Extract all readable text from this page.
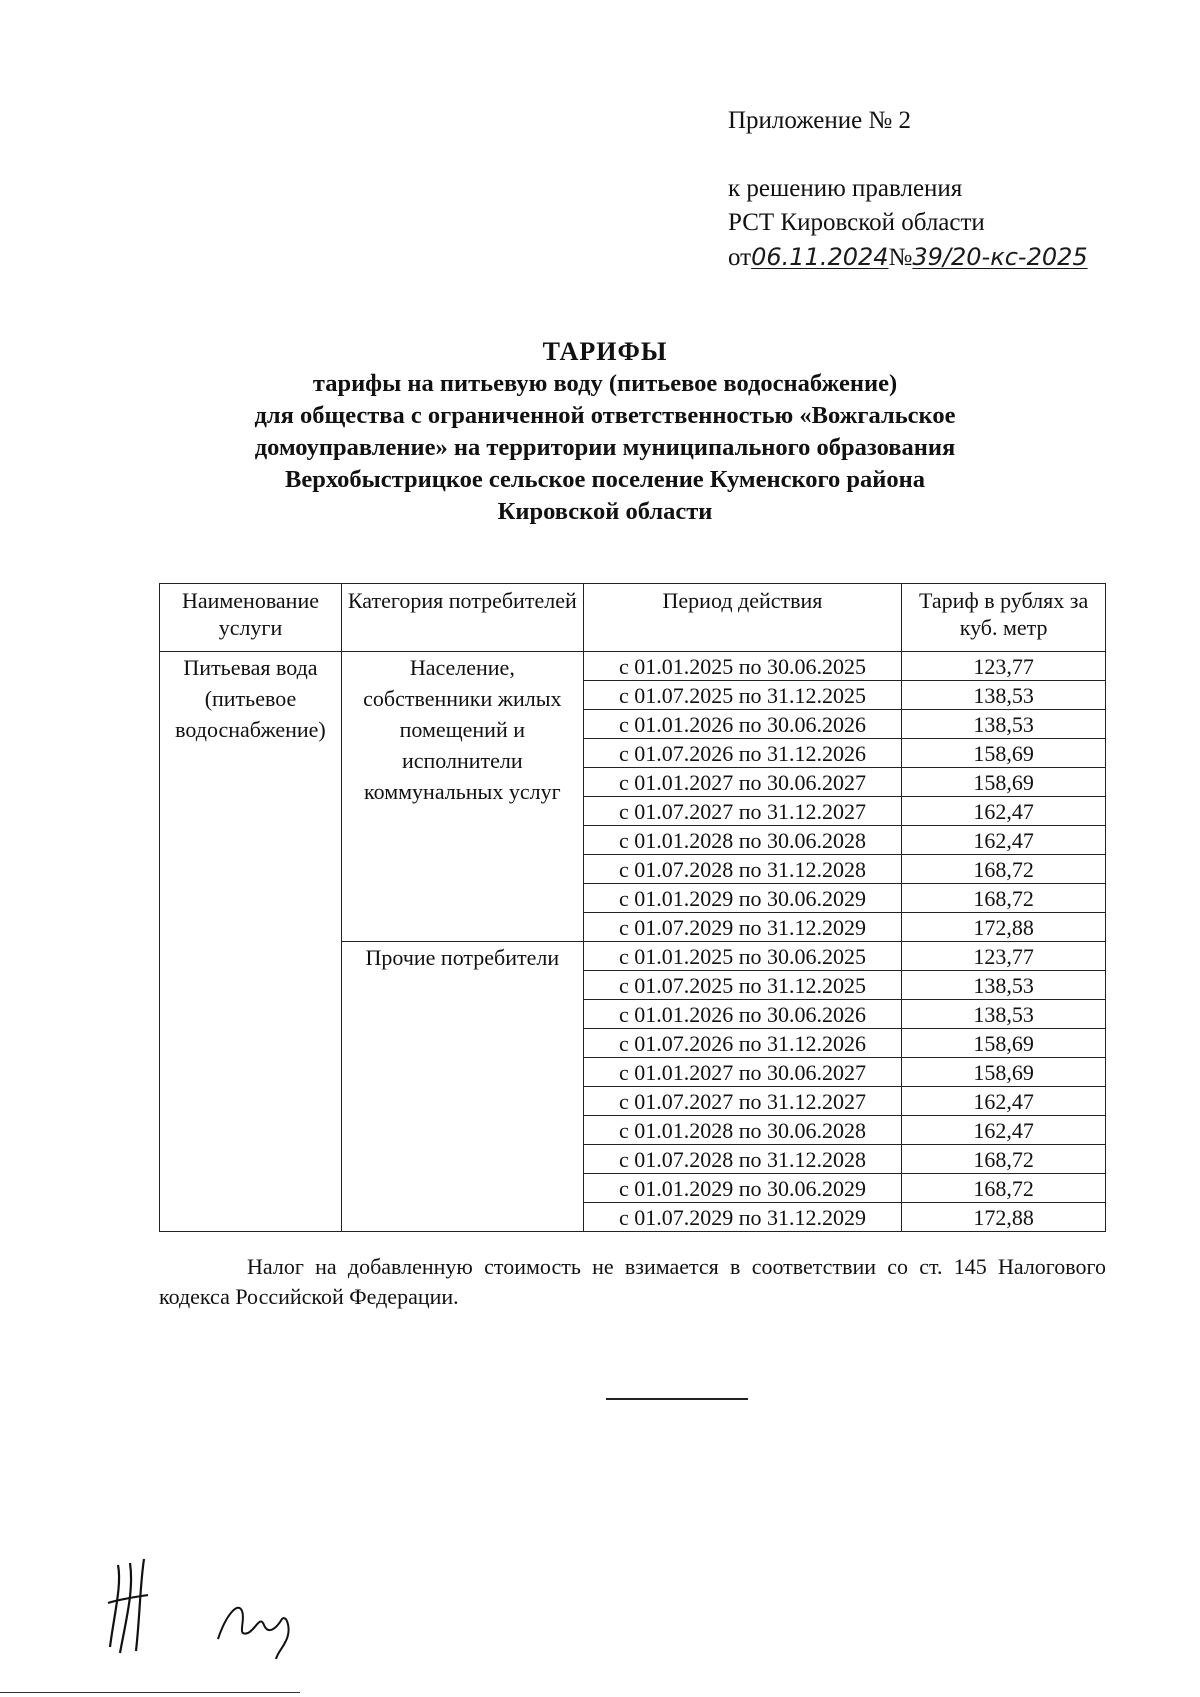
Приложение № 2
к решению правления
РСТ Кировской области
от06.11.2024№39/20-кс-2025
ТАРИФЫ
тарифы на питьевую воду (питьевое водоснабжение)
для общества с ограниченной ответственностью «Вожгальское
домоуправление» на территории муниципального образования
Верхобыстрицкое сельское поселение Куменского района
Кировской области
Наименование услуги	Категория потребителей	Период действия	Тариф в рублях за куб. метр
Питьевая вода (питьевое водоснабжение)	Население, собственники жилых помещений и исполнители коммунальных услуг	с 01.01.2025 по 30.06.2025	123,77
		с 01.07.2025 по 31.12.2025	138,53
		с 01.01.2026 по 30.06.2026	138,53
		с 01.07.2026 по 31.12.2026	158,69
		с 01.01.2027 по 30.06.2027	158,69
		с 01.07.2027 по 31.12.2027	162,47
		с 01.01.2028 по 30.06.2028	162,47
		с 01.07.2028 по 31.12.2028	168,72
		с 01.01.2029 по 30.06.2029	168,72
		с 01.07.2029 по 31.12.2029	172,88
	Прочие потребители	с 01.01.2025 по 30.06.2025	123,77
		с 01.07.2025 по 31.12.2025	138,53
		с 01.01.2026 по 30.06.2026	138,53
		с 01.07.2026 по 31.12.2026	158,69
		с 01.01.2027 по 30.06.2027	158,69
		с 01.07.2027 по 31.12.2027	162,47
		с 01.01.2028 по 30.06.2028	162,47
		с 01.07.2028 по 31.12.2028	168,72
		с 01.01.2029 по 30.06.2029	168,72
		с 01.07.2029 по 31.12.2029	172,88
Налог на добавленную стоимость не взимается в соответствии со ст. 145 Налогового кодекса Российской Федерации.
